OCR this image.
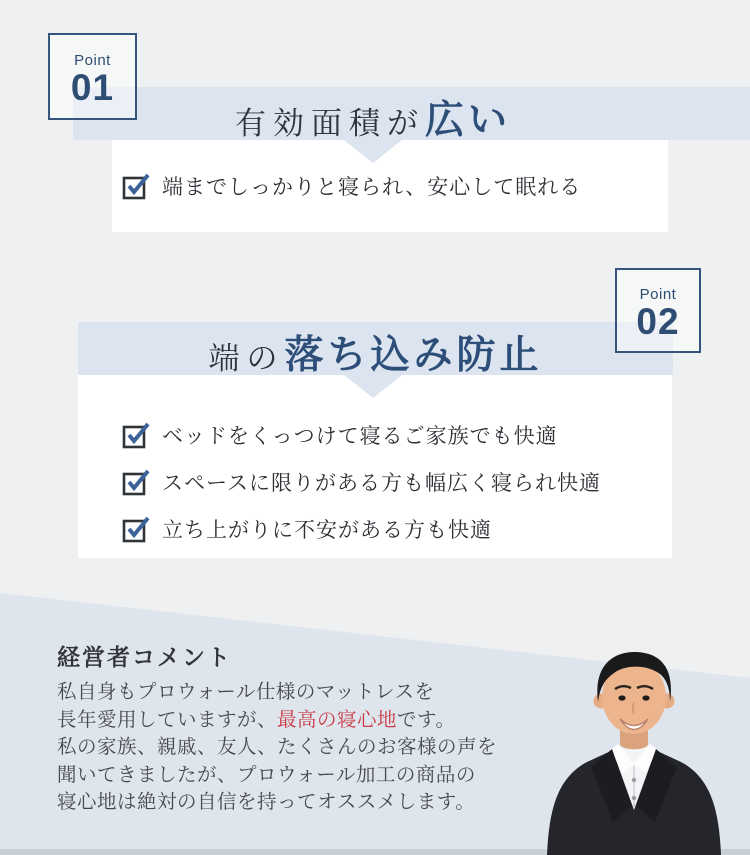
Point
01
有効面積が 広い
端までしっかりと寝られ、安心して眠れる
Point
02
端の 落ち込み防止
ベッドをくっつけて寝るご家族でも快適
スペースに限りがある方も幅広く寝られ快適
立ち上がりに不安がある方も快適
経営者コメント
私自身もプロウォール仕様のマットレスを
長年愛用していますが、最高の寝心地です。
私の家族、親戚、友人、たくさんのお客様の声を
聞いてきましたが、プロウォール加工の商品の
寝心地は絶対の自信を持ってオススメします。
